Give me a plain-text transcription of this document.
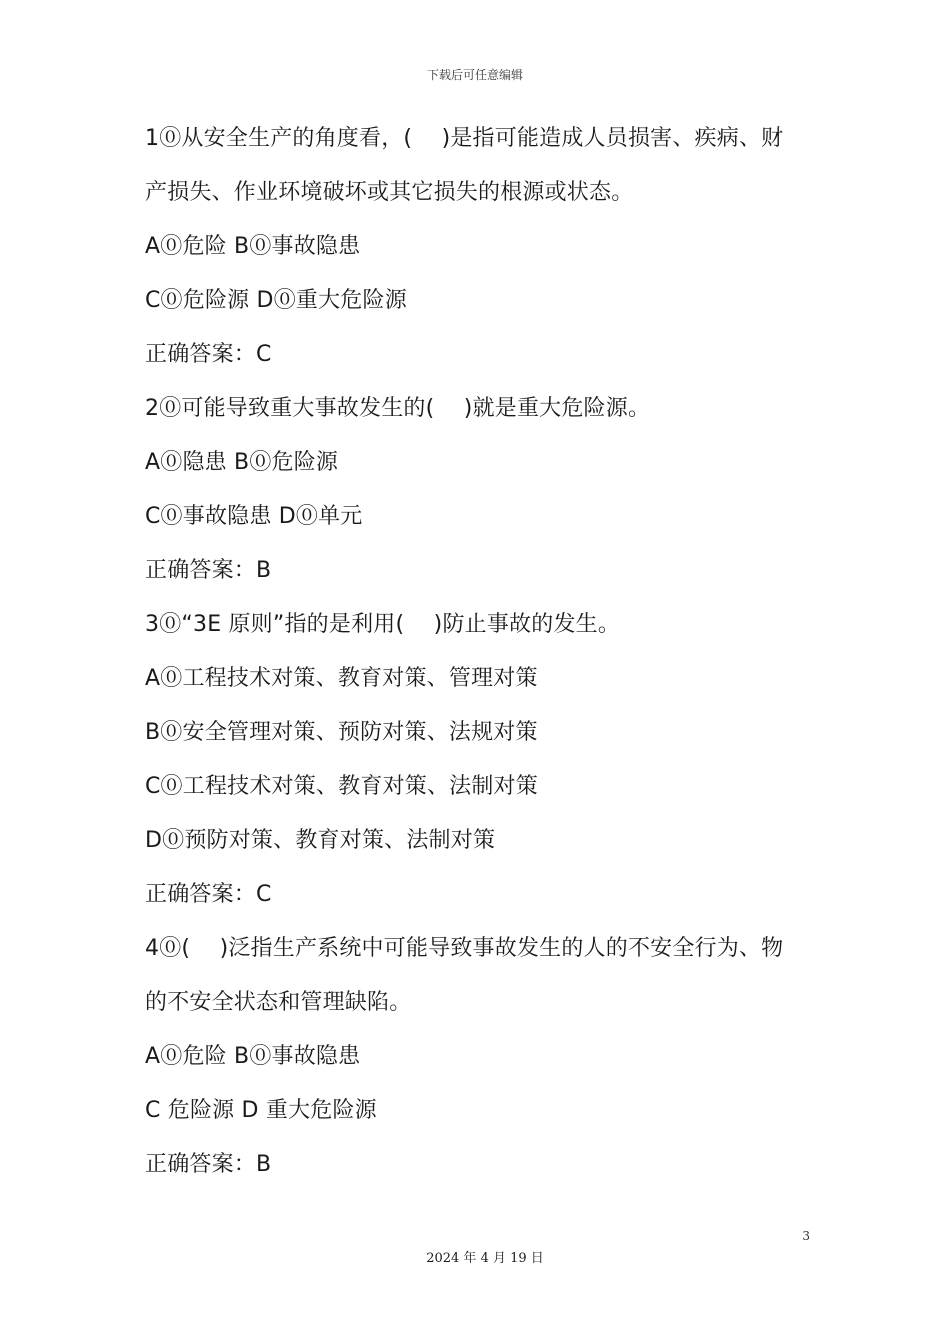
下载后可任意编辑
1⓪从安全生产的角度看，(　 )是指可能造成人员损害、疾病、财
产损失、作业环境破坏或其它损失的根源或状态。
A⓪危险 B⓪事故隐患
C⓪危险源 D⓪重大危险源
正确答案：C
2⓪可能导致重大事故发生的(　 )就是重大危险源。
A⓪隐患 B⓪危险源
C⓪事故隐患 D⓪单元
正确答案：B
3⓪“3E 原则”指的是利用(　 )防止事故的发生。
A⓪工程技术对策、教育对策、管理对策
B⓪安全管理对策、预防对策、法规对策
C⓪工程技术对策、教育对策、法制对策
D⓪预防对策、教育对策、法制对策
正确答案：C
4⓪(　 )泛指生产系统中可能导致事故发生的人的不安全行为、物
的不安全状态和管理缺陷。
A⓪危险 B⓪事故隐患
C 危险源 D 重大危险源
正确答案：B
3
2024 年 4 月 19 日
